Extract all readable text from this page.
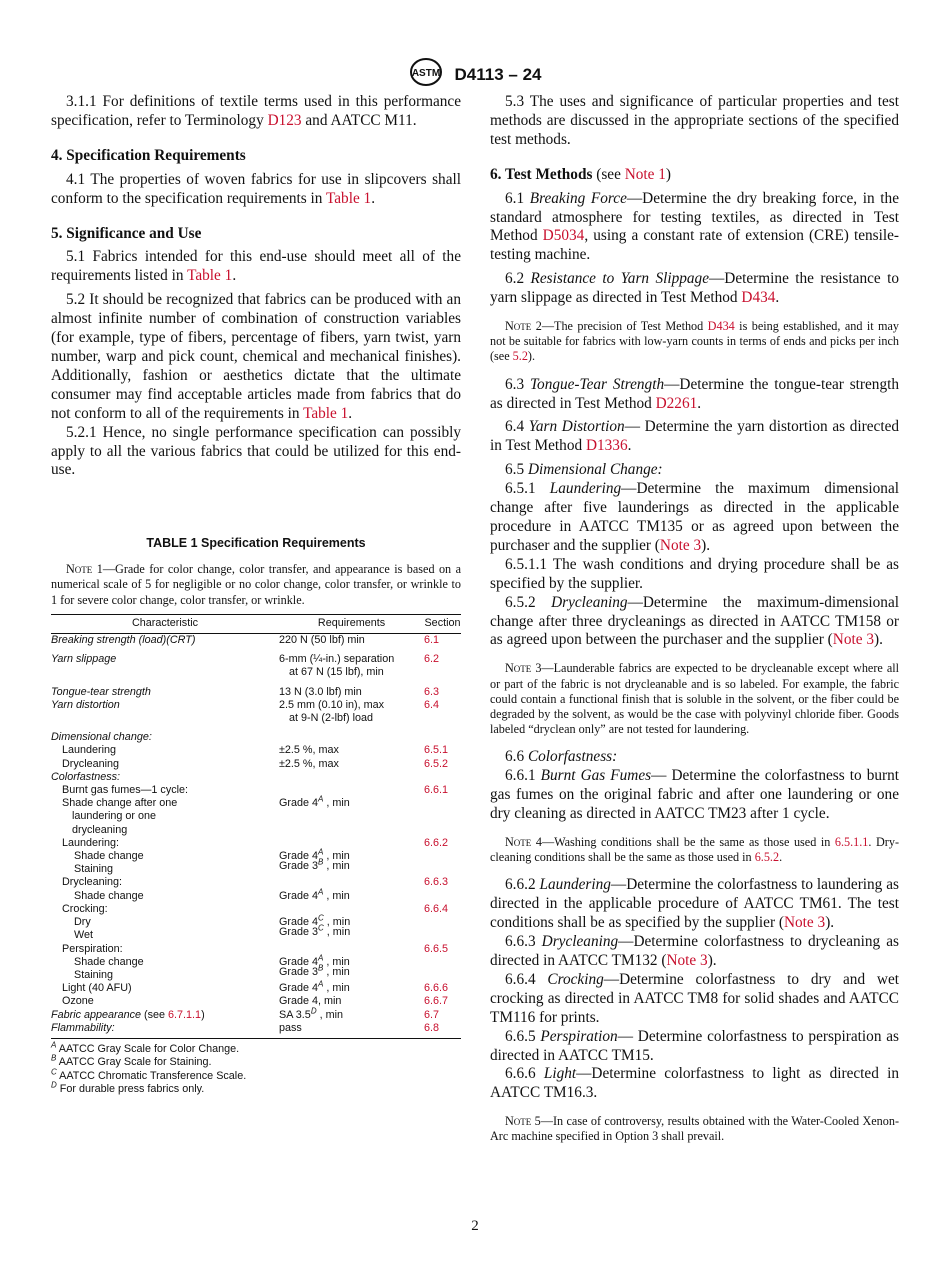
ASTM D4113 – 24

3.1.1 For definitions of textile terms used in this performance specification, refer to Terminology D123 and AATCC M11.

4. Specification Requirements

4.1 The properties of woven fabrics for use in slipcovers shall conform to the specification requirements in Table 1.

5. Significance and Use

5.1 Fabrics intended for this end-use should meet all of the requirements listed in Table 1.

5.2 It should be recognized that fabrics can be produced with an almost infinite number of combination of construction variables (for example, type of fibers, percentage of fibers, yarn twist, yarn number, warp and pick count, chemical and mechanical finishes). Additionally, fashion or aesthetics dictate that the ultimate consumer may find acceptable articles made from fabrics that do not conform to all of the requirements in Table 1.

5.2.1 Hence, no single performance specification can possibly apply to all the various fabrics that could be utilized for this end-use.

TABLE 1 Specification Requirements

Note 1—Grade for color change, color transfer, and appearance is based on a numerical scale of 5 for negligible or no color change, color transfer, or wrinkle to 1 for severe color change, color transfer, or wrinkle.

Characteristic	Requirements	Section
Breaking strength (load)(CRT)	220 N (50 lbf) min	6.1

Yarn slippage	6-mm (¼-in.) separation at 67 N (15 lbf), min	6.2

Tongue-tear strength	13 N (3.0 lbf) min	6.3
Yarn distortion	2.5 mm (0.10 in), max at 9-N (2-lbf) load	6.4

Dimensional change:		
Laundering	±2.5 %, max	6.5.1
Drycleaning	±2.5 %, max	6.5.2
Colorfastness:		
Burnt gas fumes—1 cycle:		6.6.1

Shade change after one laundering or one drycleaning	Grade $4^A$ , min	
Laundering:		6.6.2
Shade change	Grade $4^A$ , min	
Staining	Grade $3^B$ , min	
Drycleaning:		6.6.3
Shade change	Grade $4^A$ , min	
Crocking:		6.6.4
Dry	Grade $4^C$ , min	
Wet	Grade $3^C$ , min	
Perspiration:		6.6.5
Shade change	Grade $4^A$ , min	
Staining	Grade $3^B$ , min	
Light (40 AFU)	Grade $4^A$ , min	6.6.6
Ozone	Grade 4, min	6.6.7
Fabric appearance (see 6.7.1.1)	SA $3.5^D$ , min	6.7
Flammability:	pass	6.8
$^A$ AATCC Gray Scale for Color Change.
$^B$ AATCC Gray Scale for Staining.
$^C$ AATCC Chromatic Transference Scale.
$^D$ For durable press fabrics only.

5.3 The uses and significance of particular properties and test methods are discussed in the appropriate sections of the specified test methods.

6. Test Methods (see Note 1)

6.1 Breaking Force—Determine the dry breaking force, in the standard atmosphere for testing textiles, as directed in Test Method D5034, using a constant rate of extension (CRE) tensile-testing machine.

6.2 Resistance to Yarn Slippage—Determine the resistance to yarn slippage as directed in Test Method D434.

Note 2—The precision of Test Method D434 is being established, and it may not be suitable for fabrics with low-yarn counts in terms of ends and picks per inch (see 5.2).

6.3 Tongue-Tear Strength—Determine the tongue-tear strength as directed in Test Method D2261.

6.4 Yarn Distortion— Determine the yarn distortion as directed in Test Method D1336.

6.5 Dimensional Change:

6.5.1 Laundering—Determine the maximum dimensional change after five launderings as directed in the applicable procedure in AATCC TM135 or as agreed upon between the purchaser and the supplier (Note 3).

6.5.1.1 The wash conditions and drying procedure shall be as specified by the supplier.

6.5.2 Drycleaning—Determine the maximum-dimensional change after three drycleanings as directed in AATCC TM158 or as agreed upon between the purchaser and the supplier (Note 3).

Note 3—Launderable fabrics are expected to be drycleanable except where all or part of the fabric is not drycleanable and is so labeled. For example, the fabric could contain a functional finish that is soluble in the solvent, or the fiber could be degraded by the solvent, as would be the case with polyvinyl chloride fiber. Goods labeled “dryclean only” are not tested for laundering.

6.6 Colorfastness:

6.6.1 Burnt Gas Fumes— Determine the colorfastness to burnt gas fumes on the original fabric and after one laundering or one dry cleaning as directed in AATCC TM23 after 1 cycle.

Note 4—Washing conditions shall be the same as those used in 6.5.1.1. Dry-cleaning conditions shall be the same as those used in 6.5.2.

6.6.2 Laundering—Determine the colorfastness to laundering as directed in the applicable procedure of AATCC TM61. The test conditions shall be as specified by the supplier (Note 3).

6.6.3 Drycleaning—Determine colorfastness to drycleaning as directed in AATCC TM132 (Note 3).

6.6.4 Crocking—Determine colorfastness to dry and wet crocking as directed in AATCC TM8 for solid shades and AATCC TM116 for prints.

6.6.5 Perspiration— Determine colorfastness to perspiration as directed in AATCC TM15.

6.6.6 Light—Determine colorfastness to light as directed in AATCC TM16.3.

Note 5—In case of controversy, results obtained with the Water-Cooled Xenon-Arc machine specified in Option 3 shall prevail.

2
